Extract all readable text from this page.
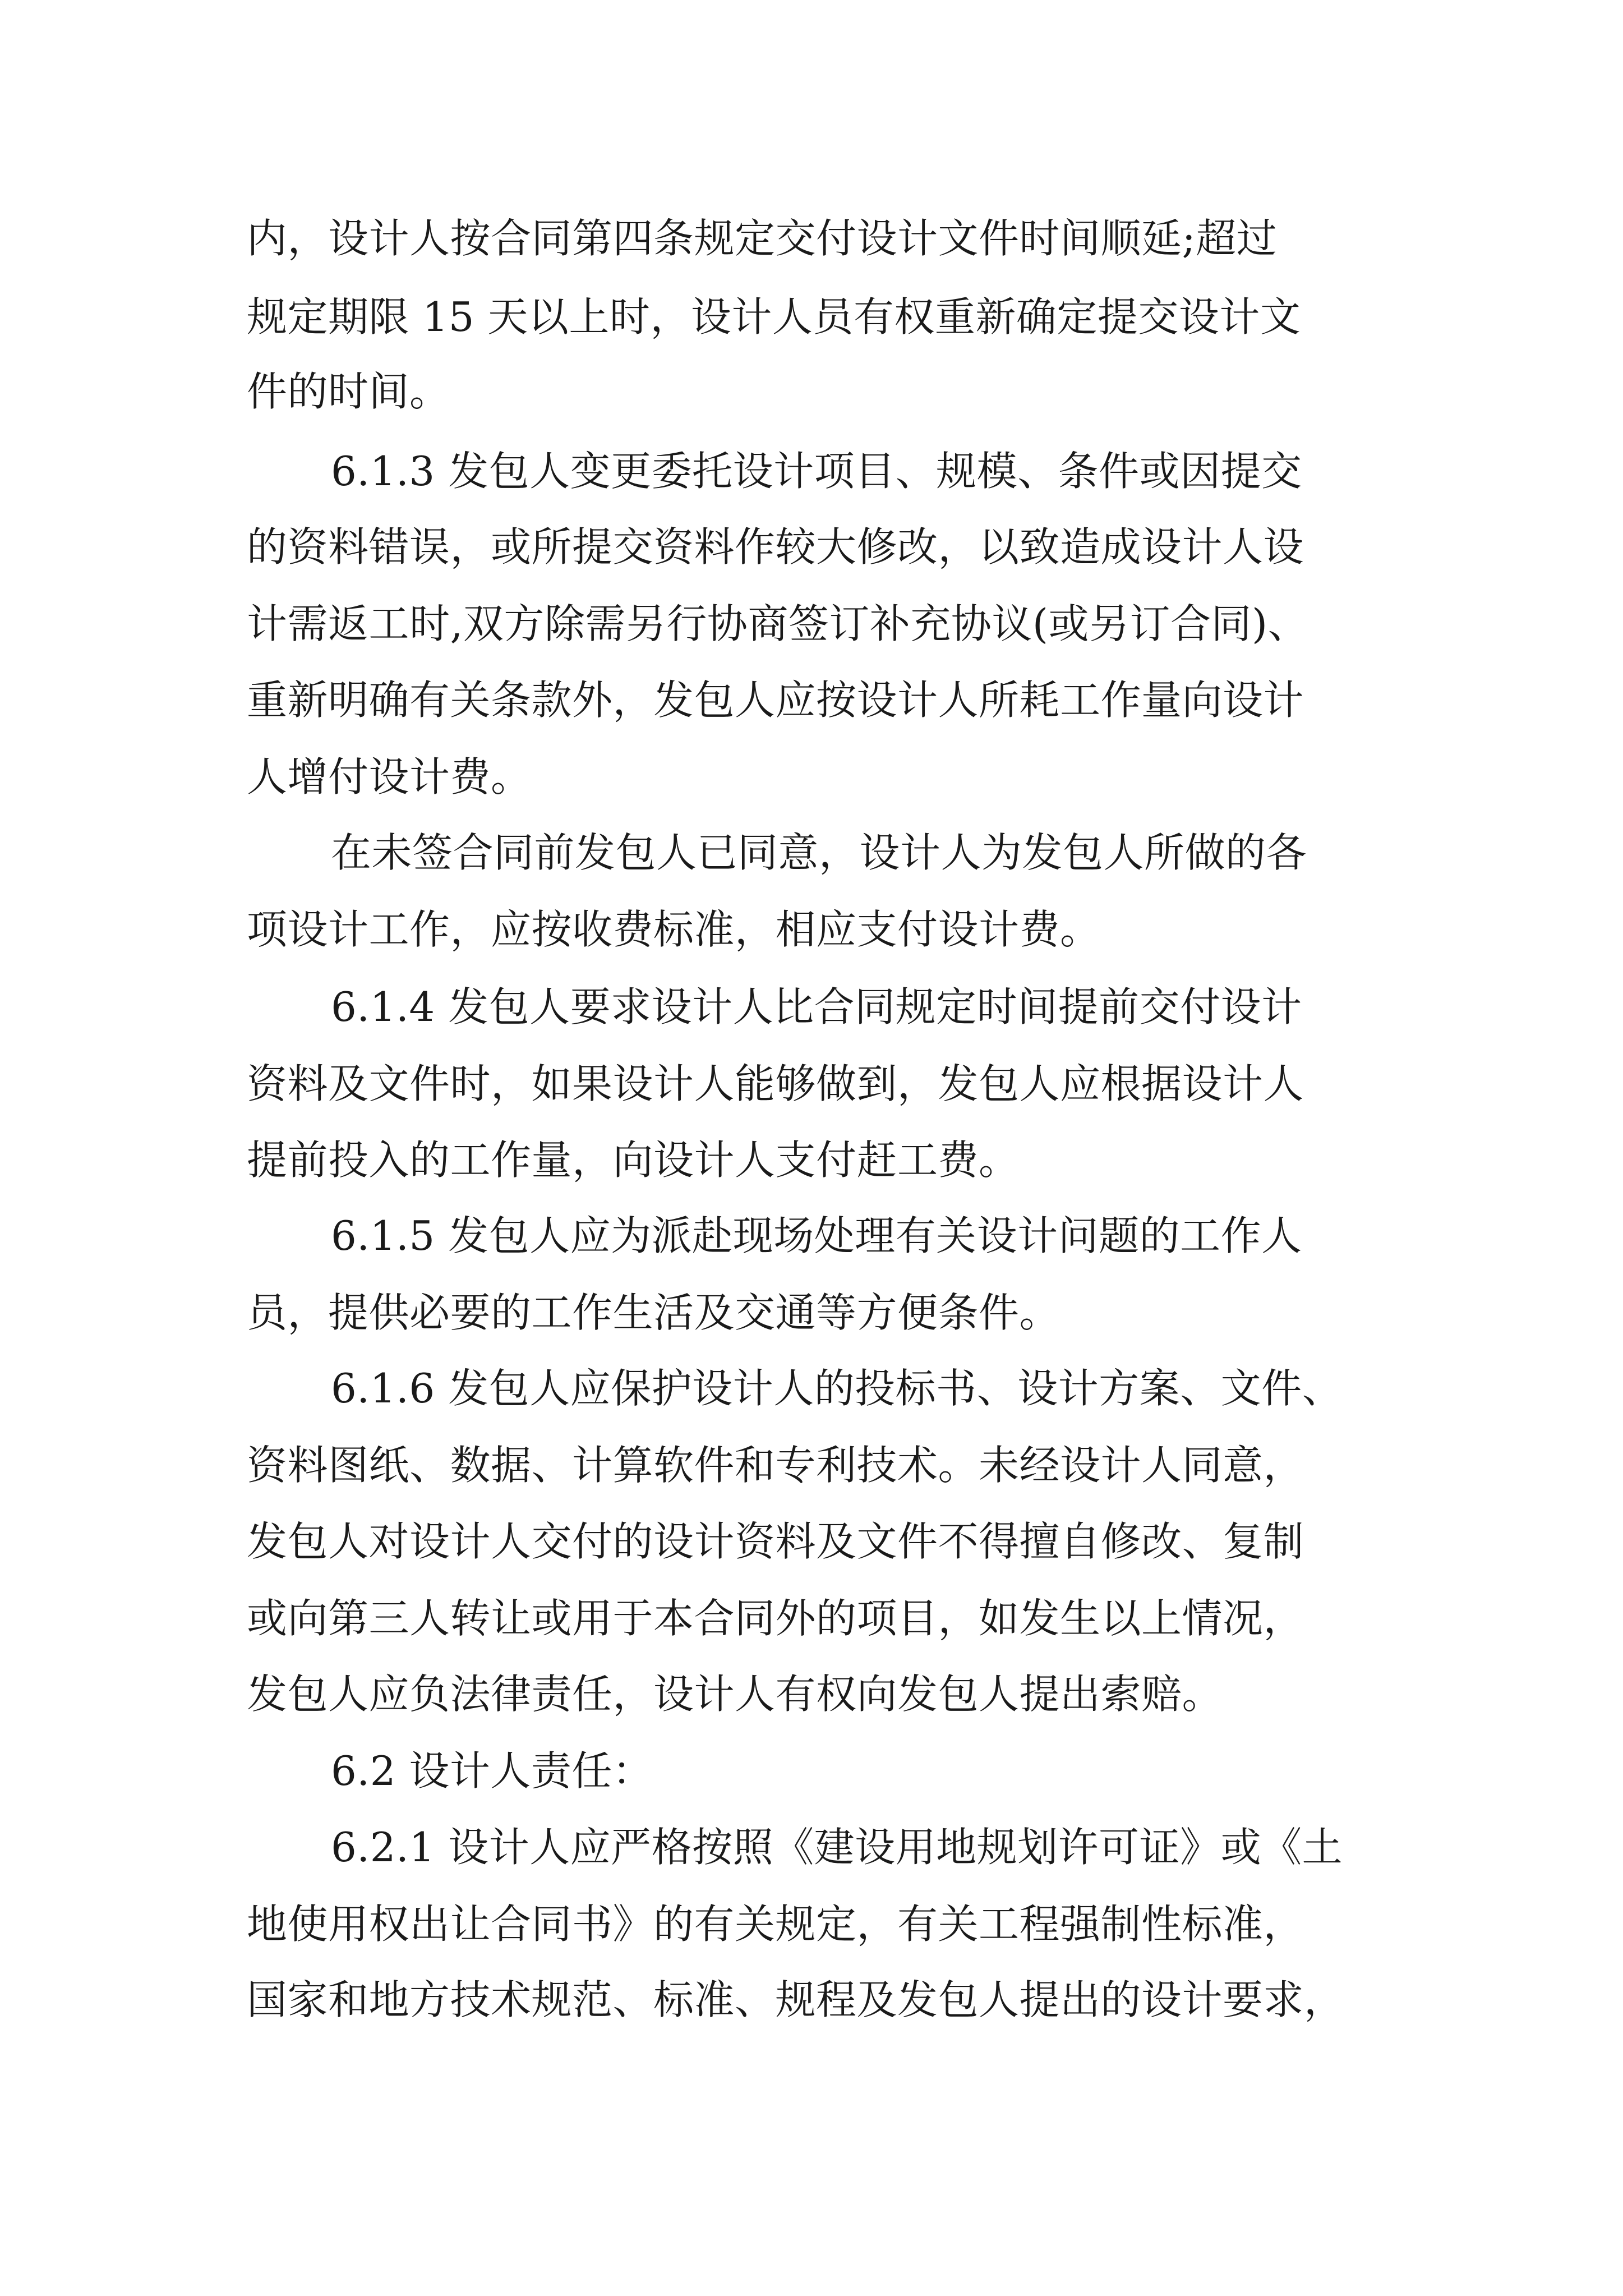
内，设计人按合同第四条规定交付设计文件时间顺延;超过
规定期限 15 天以上时，设计人员有权重新确定提交设计文
件的时间。
6.1.3 发包人变更委托设计项目、规模、条件或因提交
的资料错误，或所提交资料作较大修改，以致造成设计人设
计需返工时,双方除需另行协商签订补充协议(或另订合同)、
重新明确有关条款外，发包人应按设计人所耗工作量向设计
人增付设计费。
在未签合同前发包人已同意，设计人为发包人所做的各
项设计工作，应按收费标准，相应支付设计费。
6.1.4 发包人要求设计人比合同规定时间提前交付设计
资料及文件时，如果设计人能够做到，发包人应根据设计人
提前投入的工作量，向设计人支付赶工费。
6.1.5 发包人应为派赴现场处理有关设计问题的工作人
员，提供必要的工作生活及交通等方便条件。
6.1.6 发包人应保护设计人的投标书、设计方案、文件、
资料图纸、数据、计算软件和专利技术。未经设计人同意，
发包人对设计人交付的设计资料及文件不得擅自修改、复制
或向第三人转让或用于本合同外的项目，如发生以上情况，
发包人应负法律责任，设计人有权向发包人提出索赔。
6.2 设计人责任：
6.2.1 设计人应严格按照《建设用地规划许可证》或《土
地使用权出让合同书》的有关规定，有关工程强制性标准，
国家和地方技术规范、标准、规程及发包人提出的设计要求，
